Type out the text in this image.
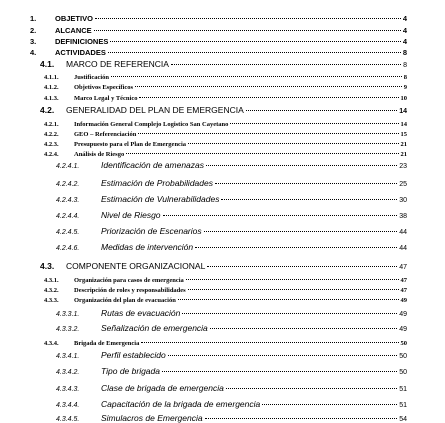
1.	OBJETIVO	4
2.	ALCANCE	4
3.	DEFINICIONES	4
4.	ACTIVIDADES	8
4.1.	MARCO DE REFERENCIA	8
4.1.1.	Justificación	8
4.1.2.	Objetivos Específicos	9
4.1.3.	Marco Legal y Técnico	10
4.2.	GENERALIDAD DEL PLAN DE EMERGENCIA	14
4.2.1.	Información General Complejo Logistico San Cayetano	14
4.2.2.	GEO – Referenciación	15
4.2.3.	Presupuesto para el Plan de Emergencia	21
4.2.4.	Análisis de Riesgo	21
4.2.4.1.	Identificación de amenazas	23
4.2.4.2.	Estimación de Probabilidades	25
4.2.4.3.	Estimación de Vulnerabilidades	30
4.2.4.4.	Nivel de Riesgo	38
4.2.4.5.	Priorización de Escenarios	44
4.2.4.6.	Medidas de intervención	44
4.3.	COMPONENTE ORGANIZACIONAL	47
4.3.1.	Organización para casos de emergencia	47
4.3.2.	Descripción de roles y responsabilidades	47
4.3.3.	Organización del plan de evacuación	49
4.3.3.1.	Rutas de evacuación	49
4.3.3.2.	Señalización de emergencia	49
4.3.4.	Brigada de Emergencia	50
4.3.4.1.	Perfil establecido	50
4.3.4.2.	Tipo de brigada	50
4.3.4.3.	Clase de brigada de emergencia	51
4.3.4.4.	Capacitación de la brigada de emergencia	51
4.3.4.5.	Simulacros de Emergencia	54
